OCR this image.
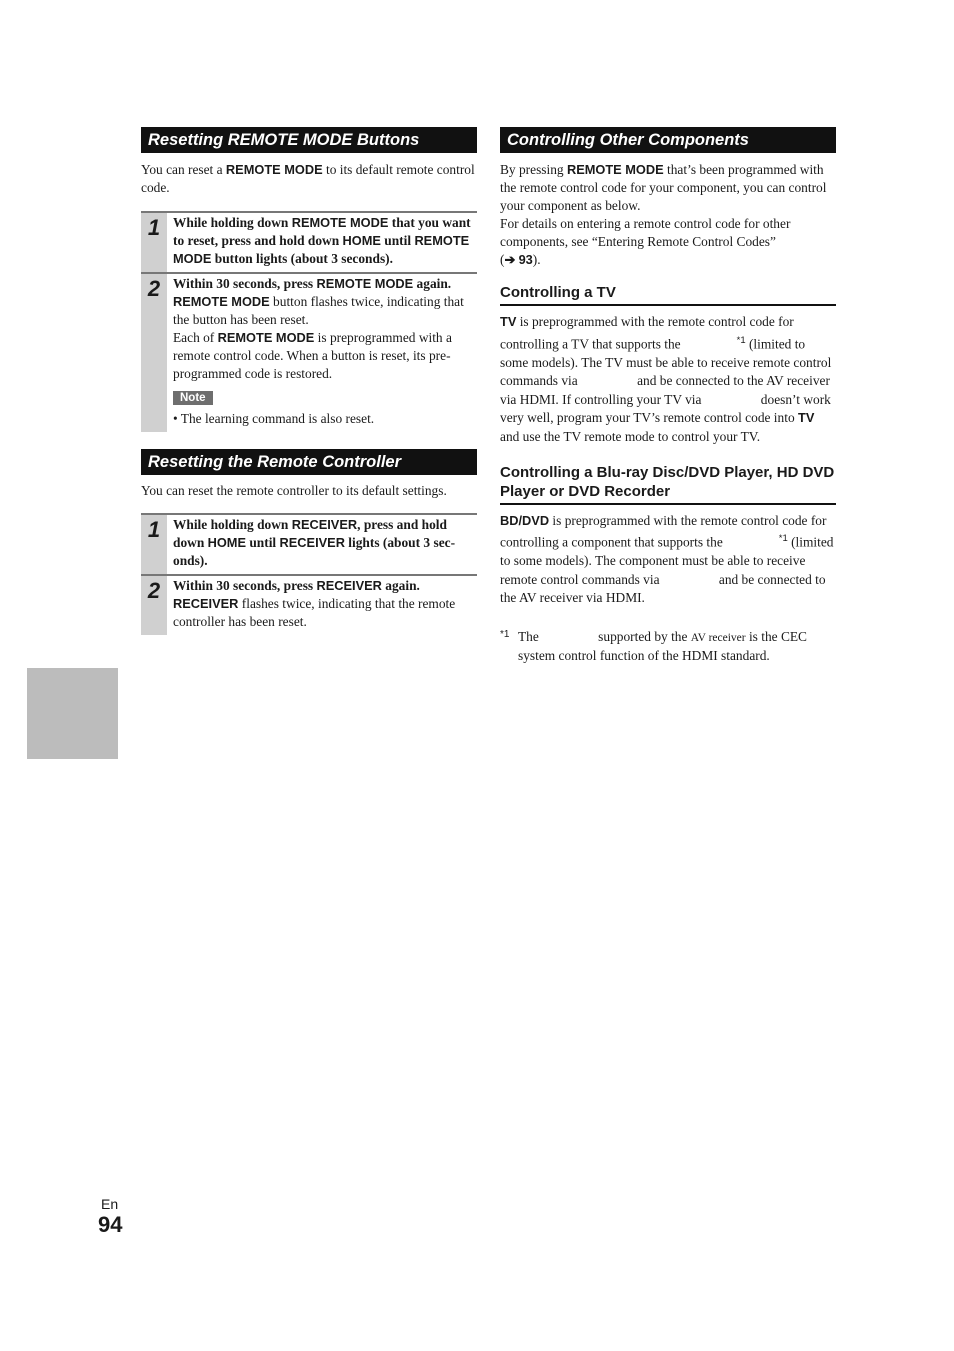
Resetting REMOTE MODE Buttons

You can reset a REMOTE MODE to its default remote control code.

1 While holding down REMOTE MODE that you want to reset, press and hold down HOME until REMOTE MODE button lights (about 3 seconds).

2 Within 30 seconds, press REMOTE MODE again.

REMOTE MODE button flashes twice, indicating that the button has been reset.

Each of REMOTE MODE is preprogrammed with a remote control code. When a button is reset, its pre-programmed code is restored.

Note

• The learning command is also reset.

Resetting the Remote Controller

You can reset the remote controller to its default settings.

1 While holding down RECEIVER, press and hold down HOME until RECEIVER lights (about 3 sec-onds).

2 Within 30 seconds, press RECEIVER again.

RECEIVER flashes twice, indicating that the remote controller has been reset.

Controlling Other Components

By pressing REMOTE MODE that’s been programmed with the remote control code for your component, you can control your component as below.

For details on entering a remote control code for other components, see “Entering Remote Control Codes”
(➔ 93).

Controlling a TV

TV is preprogrammed with the remote control code for controlling a TV that supports the	$^{*1}$ (limited to some models). The TV must be able to receive remote control commands via	and be connected to the AV receiver via HDMI. If controlling your TV via	doesn’t work very well, program your TV’s remote control code into TV and use the TV remote mode to control your TV.

Controlling a Blu-ray Disc/DVD Player, HD DVD Player or DVD Recorder

BD/DVD is preprogrammed with the remote control code for controlling a component that supports the	$^{*1}$ (limited to some models). The component must be able to receive remote control commands via	and be connected to the AV receiver via HDMI.

*1 The	supported by the AV receiver is the CEC system control function of the HDMI standard.

En
94
